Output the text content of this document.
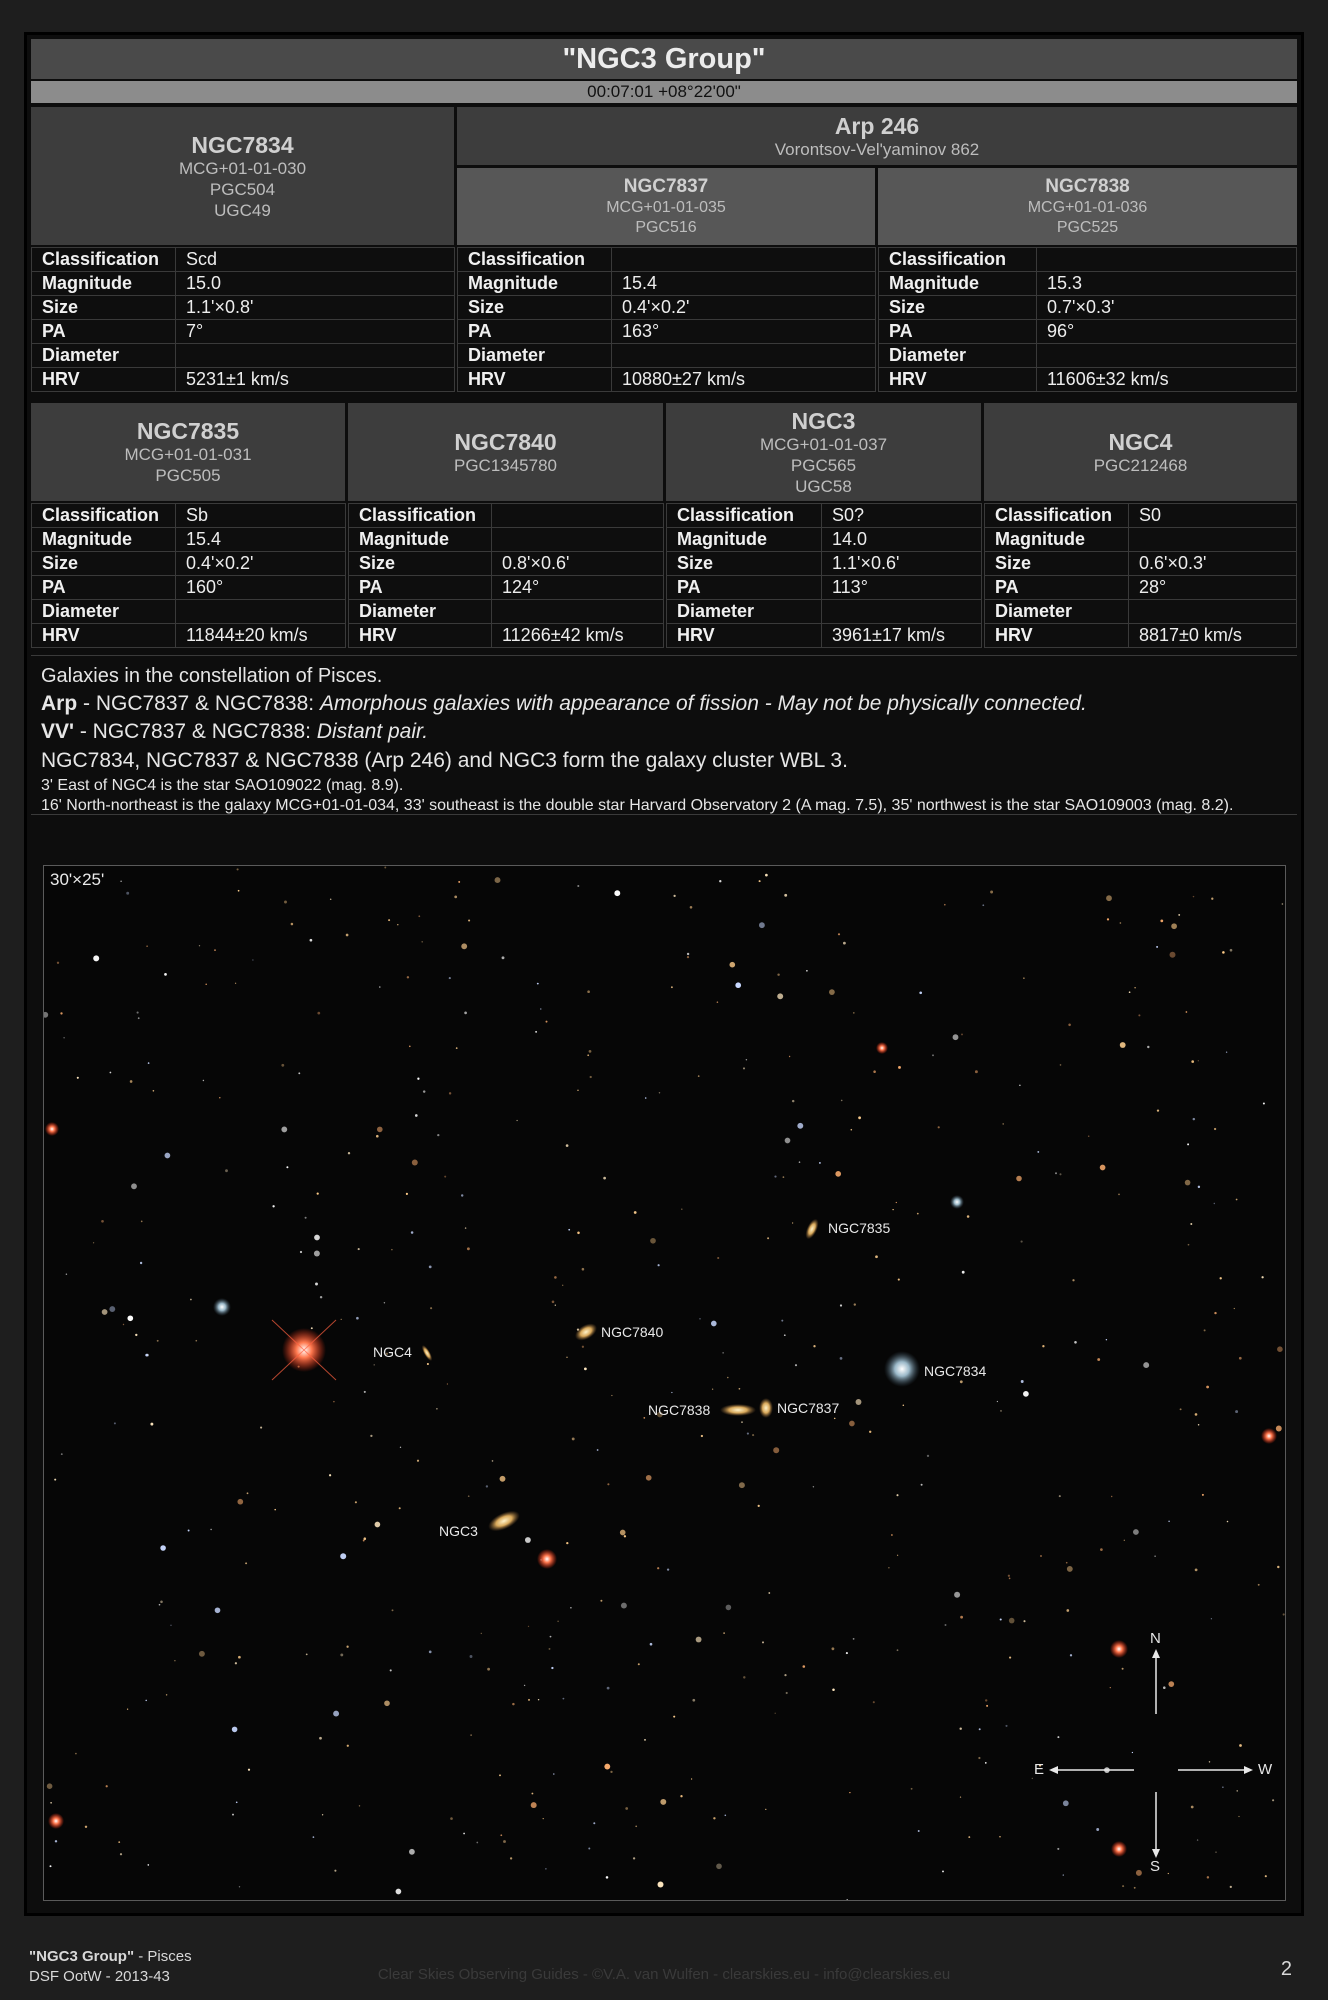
"NGC3 Group"
00:07:01 +08°22'00"
NGC7834
MCG+01-01-030
PGC504
UGC49
Arp 246
Vorontsov-Vel'yaminov 862
NGC7837
MCG+01-01-035
PGC516
NGC7838
MCG+01-01-036
PGC525
Classification	Scd
Magnitude	15.0
Size	1.1'×0.8'
PA	7°
Diameter	
HRV	5231±1 km/s
Classification	
Magnitude	15.4
Size	0.4'×0.2'
PA	163°
Diameter	
HRV	10880±27 km/s
Classification	
Magnitude	15.3
Size	0.7'×0.3'
PA	96°
Diameter	
HRV	11606±32 km/s
NGC7835
MCG+01-01-031
PGC505
NGC7840
PGC1345780
NGC3
MCG+01-01-037
PGC565
UGC58
NGC4
PGC212468
Classification	Sb
Magnitude	15.4
Size	0.4'×0.2'
PA	160°
Diameter	
HRV	11844±20 km/s
Classification	
Magnitude	
Size	0.8'×0.6'
PA	124°
Diameter	
HRV	11266±42 km/s
Classification	S0?
Magnitude	14.0
Size	1.1'×0.6'
PA	113°
Diameter	
HRV	3961±17 km/s
Classification	S0
Magnitude	
Size	0.6'×0.3'
PA	28°
Diameter	
HRV	8817±0 km/s

Galaxies in the constellation of Pisces.

Arp - NGC7837 & NGC7838: Amorphous galaxies with appearance of fission - May not be physically connected.

VV' - NGC7837 & NGC7838: Distant pair.

NGC7834, NGC7837 & NGC7838 (Arp 246) and NGC3 form the galaxy cluster WBL 3.

3' East of NGC4 is the star SAO109022 (mag. 8.9).

16' North-northeast is the galaxy MCG+01-01-034, 33' southeast is the double star Harvard Observatory 2 (A mag. 7.5), 35' northwest is the star SAO109003 (mag. 8.2).

30'×25'
NGC7835
NGC7840
NGC4
NGC7834
NGC7838	NGC7837
NGC3
N
S
E	W
"NGC3 Group" - Pisces
DSF OotW - 2013-43	Clear Skies Observing Guides - ©V.A. van Wulfen - clearskies.eu - info@clearskies.eu	2
